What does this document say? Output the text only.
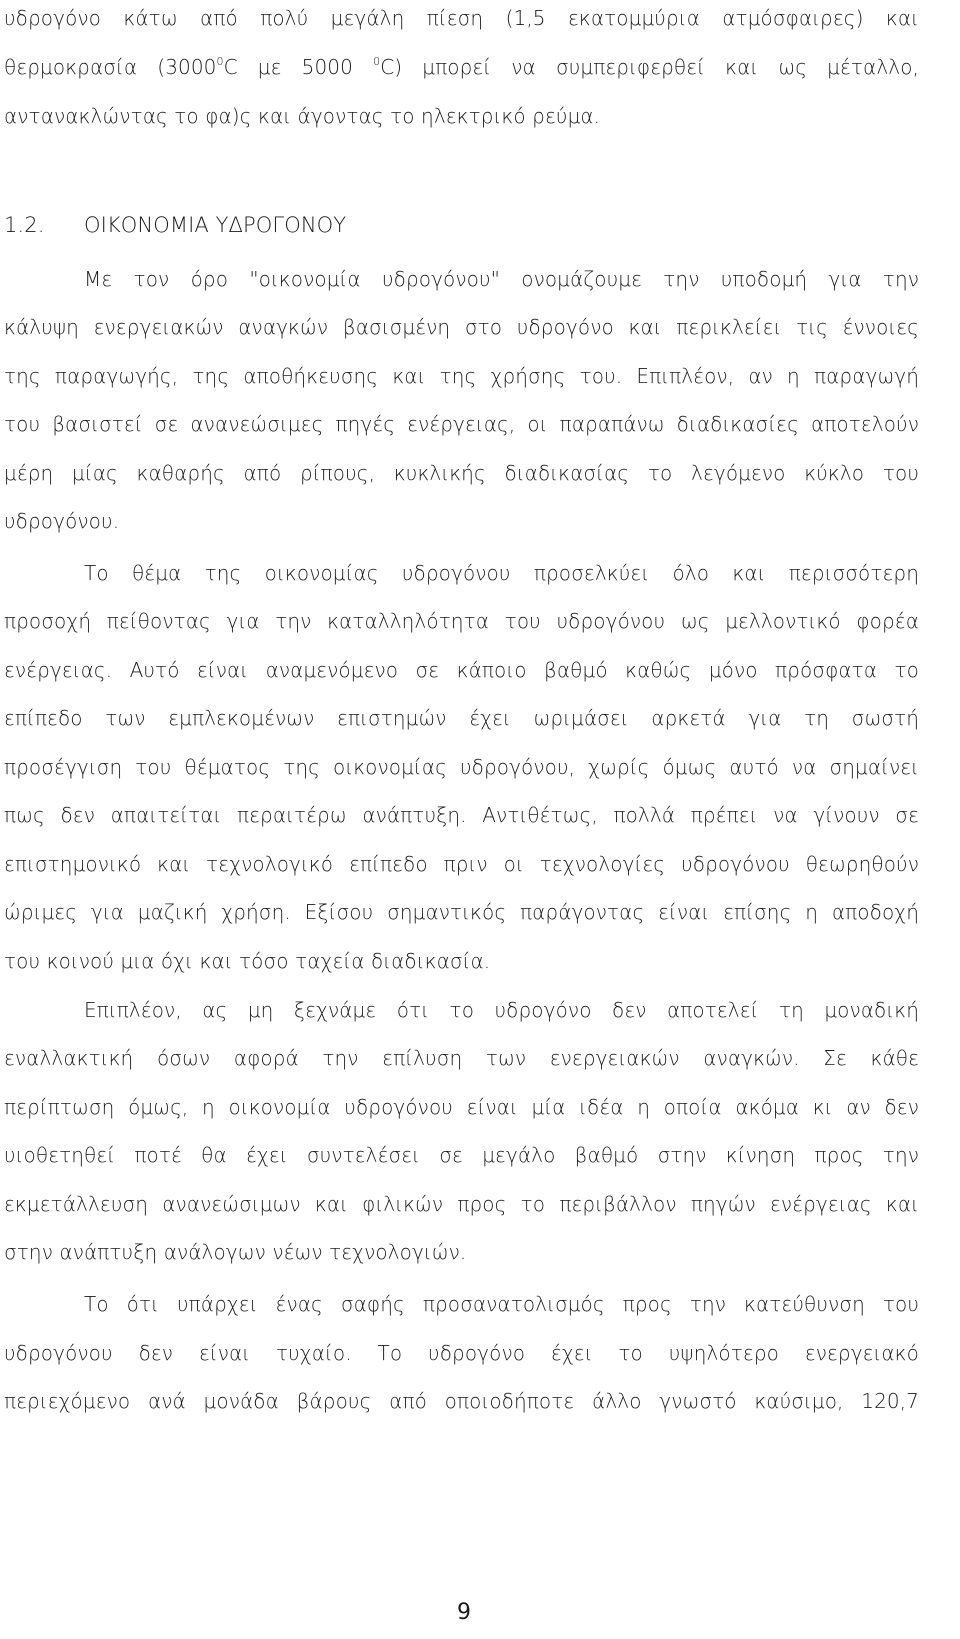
υδρογόνο κάτω από πολύ μεγάλη πίεση (1,5 εκατομμύρια ατμόσφαιρες) και
θερμοκρασία (3000$^0$C με 5000 $^0$C) μπορεί να συμπεριφερθεί και ως μέταλλο,
αντανακλώντας το φα)ς και άγοντας το ηλεκτρικό ρεύμα.
1.2. ΟΙΚΟΝΟΜΙΑ ΥΔΡΟΓΟΝΟΥ
Με τον όρο "οικονομία υδρογόνου" ονομάζουμε την υποδομή για την
κάλυψη ενεργειακών αναγκών βασισμένη στο υδρογόνο και περικλείει τις έννοιες
της παραγωγής, της αποθήκευσης και της χρήσης του. Επιπλέον, αν η παραγωγή
του βασιστεί σε ανανεώσιμες πηγές ενέργειας, οι παραπάνω διαδικασίες αποτελούν
μέρη μίας καθαρής από ρίπους, κυκλικής διαδικασίας το λεγόμενο κύκλο του
υδρογόνου.
Το θέμα της οικονομίας υδρογόνου προσελκύει όλο και περισσότερη
προσοχή πείθοντας για την καταλληλότητα του υδρογόνου ως μελλοντικό φορέα
ενέργειας. Αυτό είναι αναμενόμενο σε κάποιο βαθμό καθώς μόνο πρόσφατα το
επίπεδο των εμπλεκομένων επιστημών έχει ωριμάσει αρκετά για τη σωστή
προσέγγιση του θέματος της οικονομίας υδρογόνου, χωρίς όμως αυτό να σημαίνει
πως δεν απαιτείται περαιτέρω ανάπτυξη. Αντιθέτως, πολλά πρέπει να γίνουν σε
επιστημονικό και τεχνολογικό επίπεδο πριν οι τεχνολογίες υδρογόνου θεωρηθούν
ώριμες για μαζική χρήση. Εξίσου σημαντικός παράγοντας είναι επίσης η αποδοχή
του κοινού μια όχι και τόσο ταχεία διαδικασία.
Επιπλέον, ας μη ξεχνάμε ότι το υδρογόνο δεν αποτελεί τη μοναδική
εναλλακτική όσων αφορά την επίλυση των ενεργειακών αναγκών. Σε κάθε
περίπτωση όμως, η οικονομία υδρογόνου είναι μία ιδέα η οποία ακόμα κι αν δεν
υιοθετηθεί ποτέ θα έχει συντελέσει σε μεγάλο βαθμό στην κίνηση προς την
εκμετάλλευση ανανεώσιμων και φιλικών προς το περιβάλλον πηγών ενέργειας και
στην ανάπτυξη ανάλογων νέων τεχνολογιών.
Το ότι υπάρχει ένας σαφής προσανατολισμός προς την κατεύθυνση του
υδρογόνου δεν είναι τυχαίο. Το υδρογόνο έχει το υψηλότερο ενεργειακό
περιεχόμενο ανά μονάδα βάρους από οποιοδήποτε άλλο γνωστό καύσιμο, 120,7
9
